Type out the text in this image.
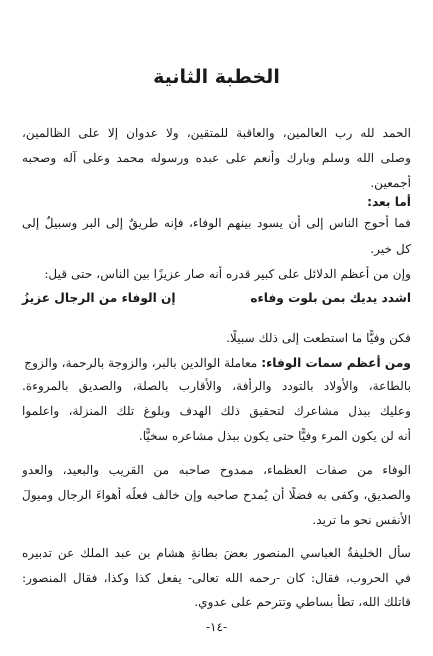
الخطبة الثانية
الحمد لله رب العالمين، والعاقبة للمتقين، ولا عدوان إلا على الظالمين،
وصلى الله وسلم وبارك وأنعم على عبده ورسوله محمد وعلى آله وصحبه
أجمعين.
أما بعد:
فما أحوج الناس إلى أن يسود بينهم الوفاء، فإنه طريقٌ إلى البر وسبيلٌ إلى
كل خير.
وإن من أعظم الدلائل على كبير قدره أنه صار عزيزًا بين الناس، حتى قيل:
اشدد يديك بمن بلوت وفاءه
إن الوفاء من الرجال عزيزُ
فكن وفيًّا ما استطعت إلى ذلك سبيلًا.
ومن أعظم سمات الوفاء: معاملة الوالدين بالبر، والزوجة بالرحمة، والزوج
بالطاعة، والأولاد بالتودد والرأفة، والأقارب بالصلة، والصديق بالمروءة.
وعليك ببذل مشاعرك لتحقيق ذلك الهدف وبلوغ تلك المنزلة، واعلموا
أنه لن يكون المرء وفيًّا حتى يكون ببذل مشاعره سخيًّا.
الوفاء من صفات العظماء، ممدوح صاحبه من القريب والبعيد، والعدو
والصديق، وكفى به فضلًا أن يُمدح صاحبه وإن خالف فعلُه أهواءَ الرجال وميولَ
الأنفس نحو ما تريد.
سأل الخليفةُ العباسي المنصور بعضَ بطانةِ هشام بن عبد الملك عن تدبيره
في الحروب، فقال: كان -رحمه الله تعالى- يفعل كذا وكذا، فقال المنصور:
قاتلك الله، تطأ بساطي وتترحم على عدوي.
-١٤-
